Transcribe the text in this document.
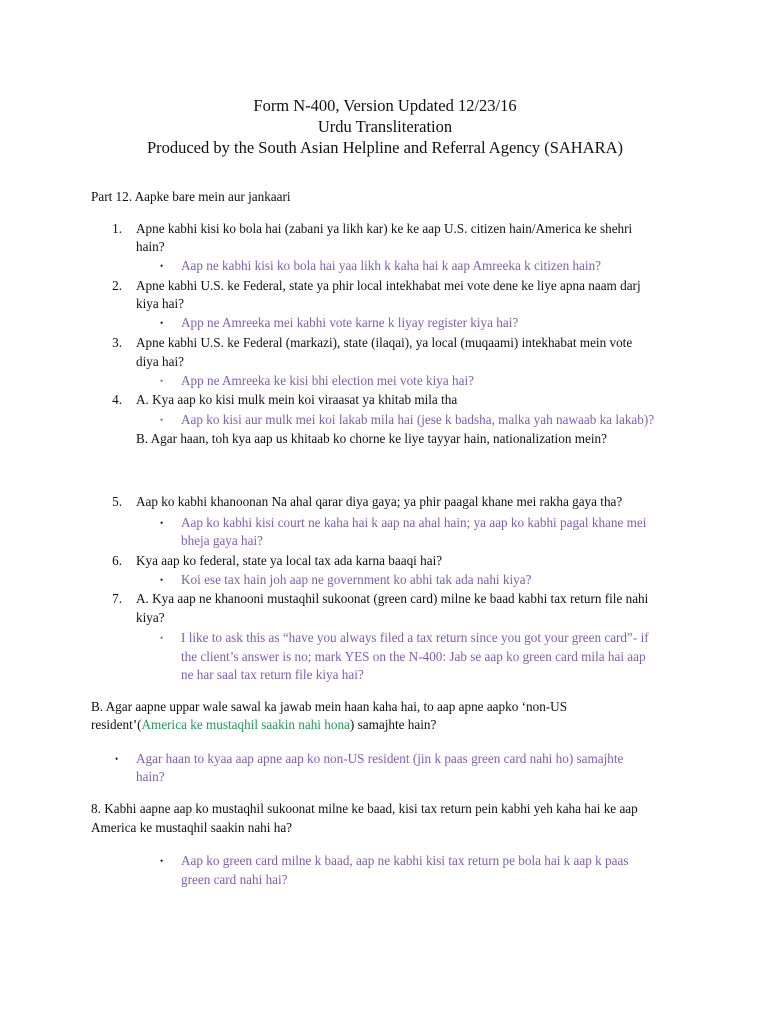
Form N-400, Version Updated 12/23/16
Urdu Transliteration
Produced by the South Asian Helpline and Referral Agency (SAHARA)
Part 12. Aapke bare mein aur jankaari
1. Apne kabhi kisi ko bola hai (zabani ya likh kar) ke ke aap U.S. citizen hain/America ke shehri
hain?
• Aap ne kabhi kisi ko bola hai yaa likh k kaha hai k aap Amreeka k citizen hain?
2. Apne kabhi U.S. ke Federal, state ya phir local intekhabat mei vote dene ke liye apna naam darj
kiya hai?
• App ne Amreeka mei kabhi vote karne k liyay register kiya hai?
3. Apne kabhi U.S. ke Federal (markazi), state (ilaqai), ya local (muqaami) intekhabat mein vote
diya hai?
• App ne Amreeka ke kisi bhi election mei vote kiya hai?
4. A. Kya aap ko kisi mulk mein koi viraasat ya khitab mila tha
• Aap ko kisi aur mulk mei koi lakab mila hai (jese k badsha, malka yah nawaab ka lakab)?
B. Agar haan, toh kya aap us khitaab ko chorne ke liye tayyar hain, nationalization mein?
5. Aap ko kabhi khanoonan Na ahal qarar diya gaya; ya phir paagal khane mei rakha gaya tha?
• Aap ko kabhi kisi court ne kaha hai k aap na ahal hain; ya aap ko kabhi pagal khane mei
bheja gaya hai?
6. Kya aap ko federal, state ya local tax ada karna baaqi hai?
• Koi ese tax hain joh aap ne government ko abhi tak ada nahi kiya?
7. A. Kya aap ne khanooni mustaqhil sukoonat (green card) milne ke baad kabhi tax return file nahi
kiya?
• I like to ask this as “have you always filed a tax return since you got your green card”- if
the client’s answer is no; mark YES on the N-400: Jab se aap ko green card mila hai aap
ne har saal tax return file kiya hai?
B. Agar aapne uppar wale sawal ka jawab mein haan kaha hai, to aap apne aapko ‘non-US
resident’(America ke mustaqhil saakin nahi hona) samajhte hain?
• Agar haan to kyaa aap apne aap ko non-US resident (jin k paas green card nahi ho) samajhte
hain?
8. Kabhi aapne aap ko mustaqhil sukoonat milne ke baad, kisi tax return pein kabhi yeh kaha hai ke aap
America ke mustaqhil saakin nahi ha?
• Aap ko green card milne k baad, aap ne kabhi kisi tax return pe bola hai k aap k paas
green card nahi hai?
